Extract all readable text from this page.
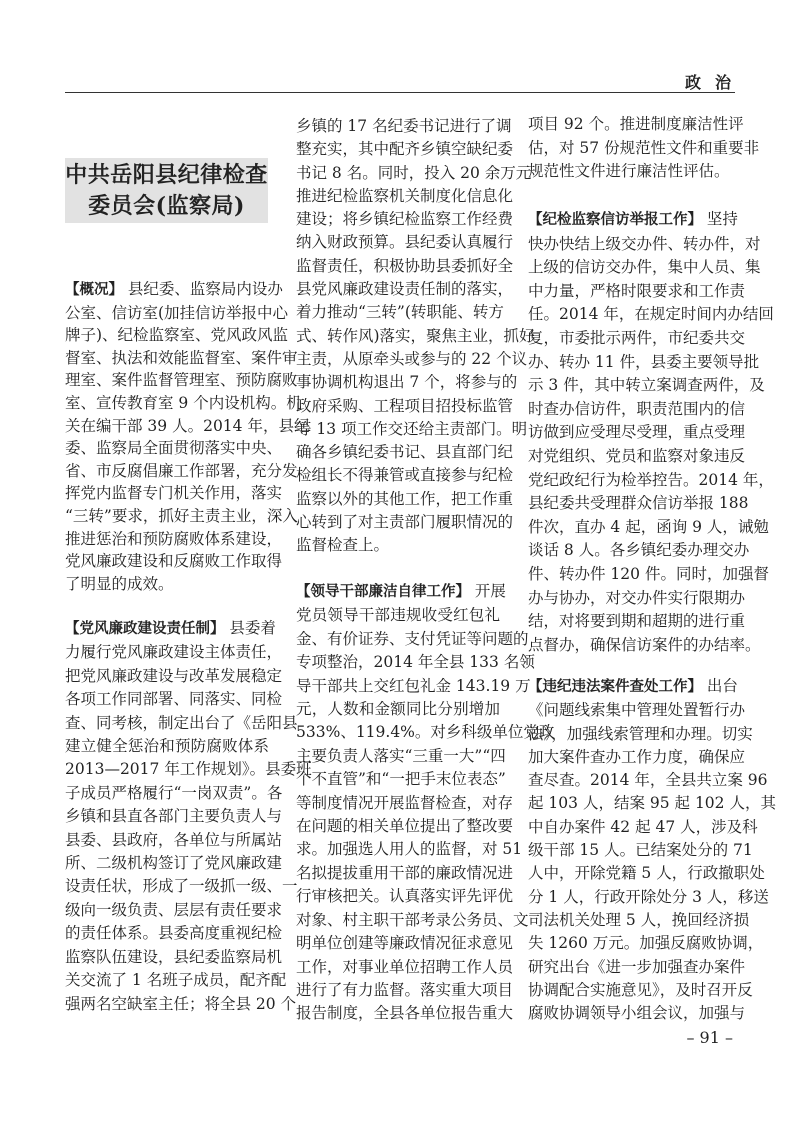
政治
中共岳阳县纪律检查
委员会(监察局)
【概况】 县纪委、监察局内设办
公室、信访室(加挂信访举报中心
牌子)、纪检监察室、党风政风监
督室、执法和效能监督室、案件审
理室、案件监督管理室、预防腐败
室、宣传教育室 9 个内设机构。机
关在编干部 39 人。2014 年，县纪
委、监察局全面贯彻落实中央、
省、市反腐倡廉工作部署，充分发
挥党内监督专门机关作用，落实
“三转”要求，抓好主责主业，深入
推进惩治和预防腐败体系建设，
党风廉政建设和反腐败工作取得
了明显的成效。
【党风廉政建设责任制】 县委着
力履行党风廉政建设主体责任，
把党风廉政建设与改革发展稳定
各项工作同部署、同落实、同检
查、同考核，制定出台了《岳阳县
建立健全惩治和预防腐败体系
2013—2017 年工作规划》。县委班
子成员严格履行“一岗双责”。各
乡镇和县直各部门主要负责人与
县委、县政府，各单位与所属站
所、二级机构签订了党风廉政建
设责任状，形成了一级抓一级、一
级向一级负责、层层有责任要求
的责任体系。县委高度重视纪检
监察队伍建设，县纪委监察局机
关交流了 1 名班子成员，配齐配
强两名空缺室主任；将全县 20 个
乡镇的 17 名纪委书记进行了调
整充实，其中配齐乡镇空缺纪委
书记 8 名。同时，投入 20 余万元
推进纪检监察机关制度化信息化
建设；将乡镇纪检监察工作经费
纳入财政预算。县纪委认真履行
监督责任，积极协助县委抓好全
县党风廉政建设责任制的落实，
着力推动“三转”(转职能、转方
式、转作风)落实，聚焦主业，抓好
主责，从原牵头或参与的 22 个议
事协调机构退出 7 个，将参与的
政府采购、工程项目招投标监管
等 13 项工作交还给主责部门。明
确各乡镇纪委书记、县直部门纪
检组长不得兼管或直接参与纪检
监察以外的其他工作，把工作重
心转到了对主责部门履职情况的
监督检查上。
【领导干部廉洁自律工作】 开展
党员领导干部违规收受红包礼
金、有价证券、支付凭证等问题的
专项整治，2014 年全县 133 名领
导干部共上交红包礼金 143.19 万
元，人数和金额同比分别增加
533%、119.4%。对乡科级单位党政
主要负责人落实“三重一大”“四
个不直管”和“一把手末位表态”
等制度情况开展监督检查，对存
在问题的相关单位提出了整改要
求。加强选人用人的监督，对 51
名拟提拔重用干部的廉政情况进
行审核把关。认真落实评先评优
对象、村主职干部考录公务员、文
明单位创建等廉政情况征求意见
工作，对事业单位招聘工作人员
进行了有力监督。落实重大项目
报告制度，全县各单位报告重大
项目 92 个。推进制度廉洁性评
估，对 57 份规范性文件和重要非
规范性文件进行廉洁性评估。
【纪检监察信访举报工作】 坚持
快办快结上级交办件、转办件，对
上级的信访交办件，集中人员、集
中力量，严格时限要求和工作责
任。2014 年，在规定时间内办结回
复，市委批示两件，市纪委共交
办、转办 11 件，县委主要领导批
示 3 件，其中转立案调查两件，及
时查办信访件，职责范围内的信
访做到应受理尽受理，重点受理
对党组织、党员和监察对象违反
党纪政纪行为检举控告。2014 年，
县纪委共受理群众信访举报 188
件次，直办 4 起，函询 9 人，诫勉
谈话 8 人。各乡镇纪委办理交办
件、转办件 120 件。同时，加强督
办与协办，对交办件实行限期办
结，对将要到期和超期的进行重
点督办，确保信访案件的办结率。
【违纪违法案件查处工作】 出台
《问题线索集中管理处置暂行办
法》，加强线索管理和办理。切实
加大案件查办工作力度，确保应
查尽查。2014 年，全县共立案 96
起 103 人，结案 95 起 102 人，其
中自办案件 42 起 47 人，涉及科
级干部 15 人。已结案处分的 71
人中，开除党籍 5 人，行政撤职处
分 1 人，行政开除处分 3 人，移送
司法机关处理 5 人，挽回经济损
失 1260 万元。加强反腐败协调，
研究出台《进一步加强查办案件
协调配合实施意见》，及时召开反
腐败协调领导小组会议，加强与
– 91 –
